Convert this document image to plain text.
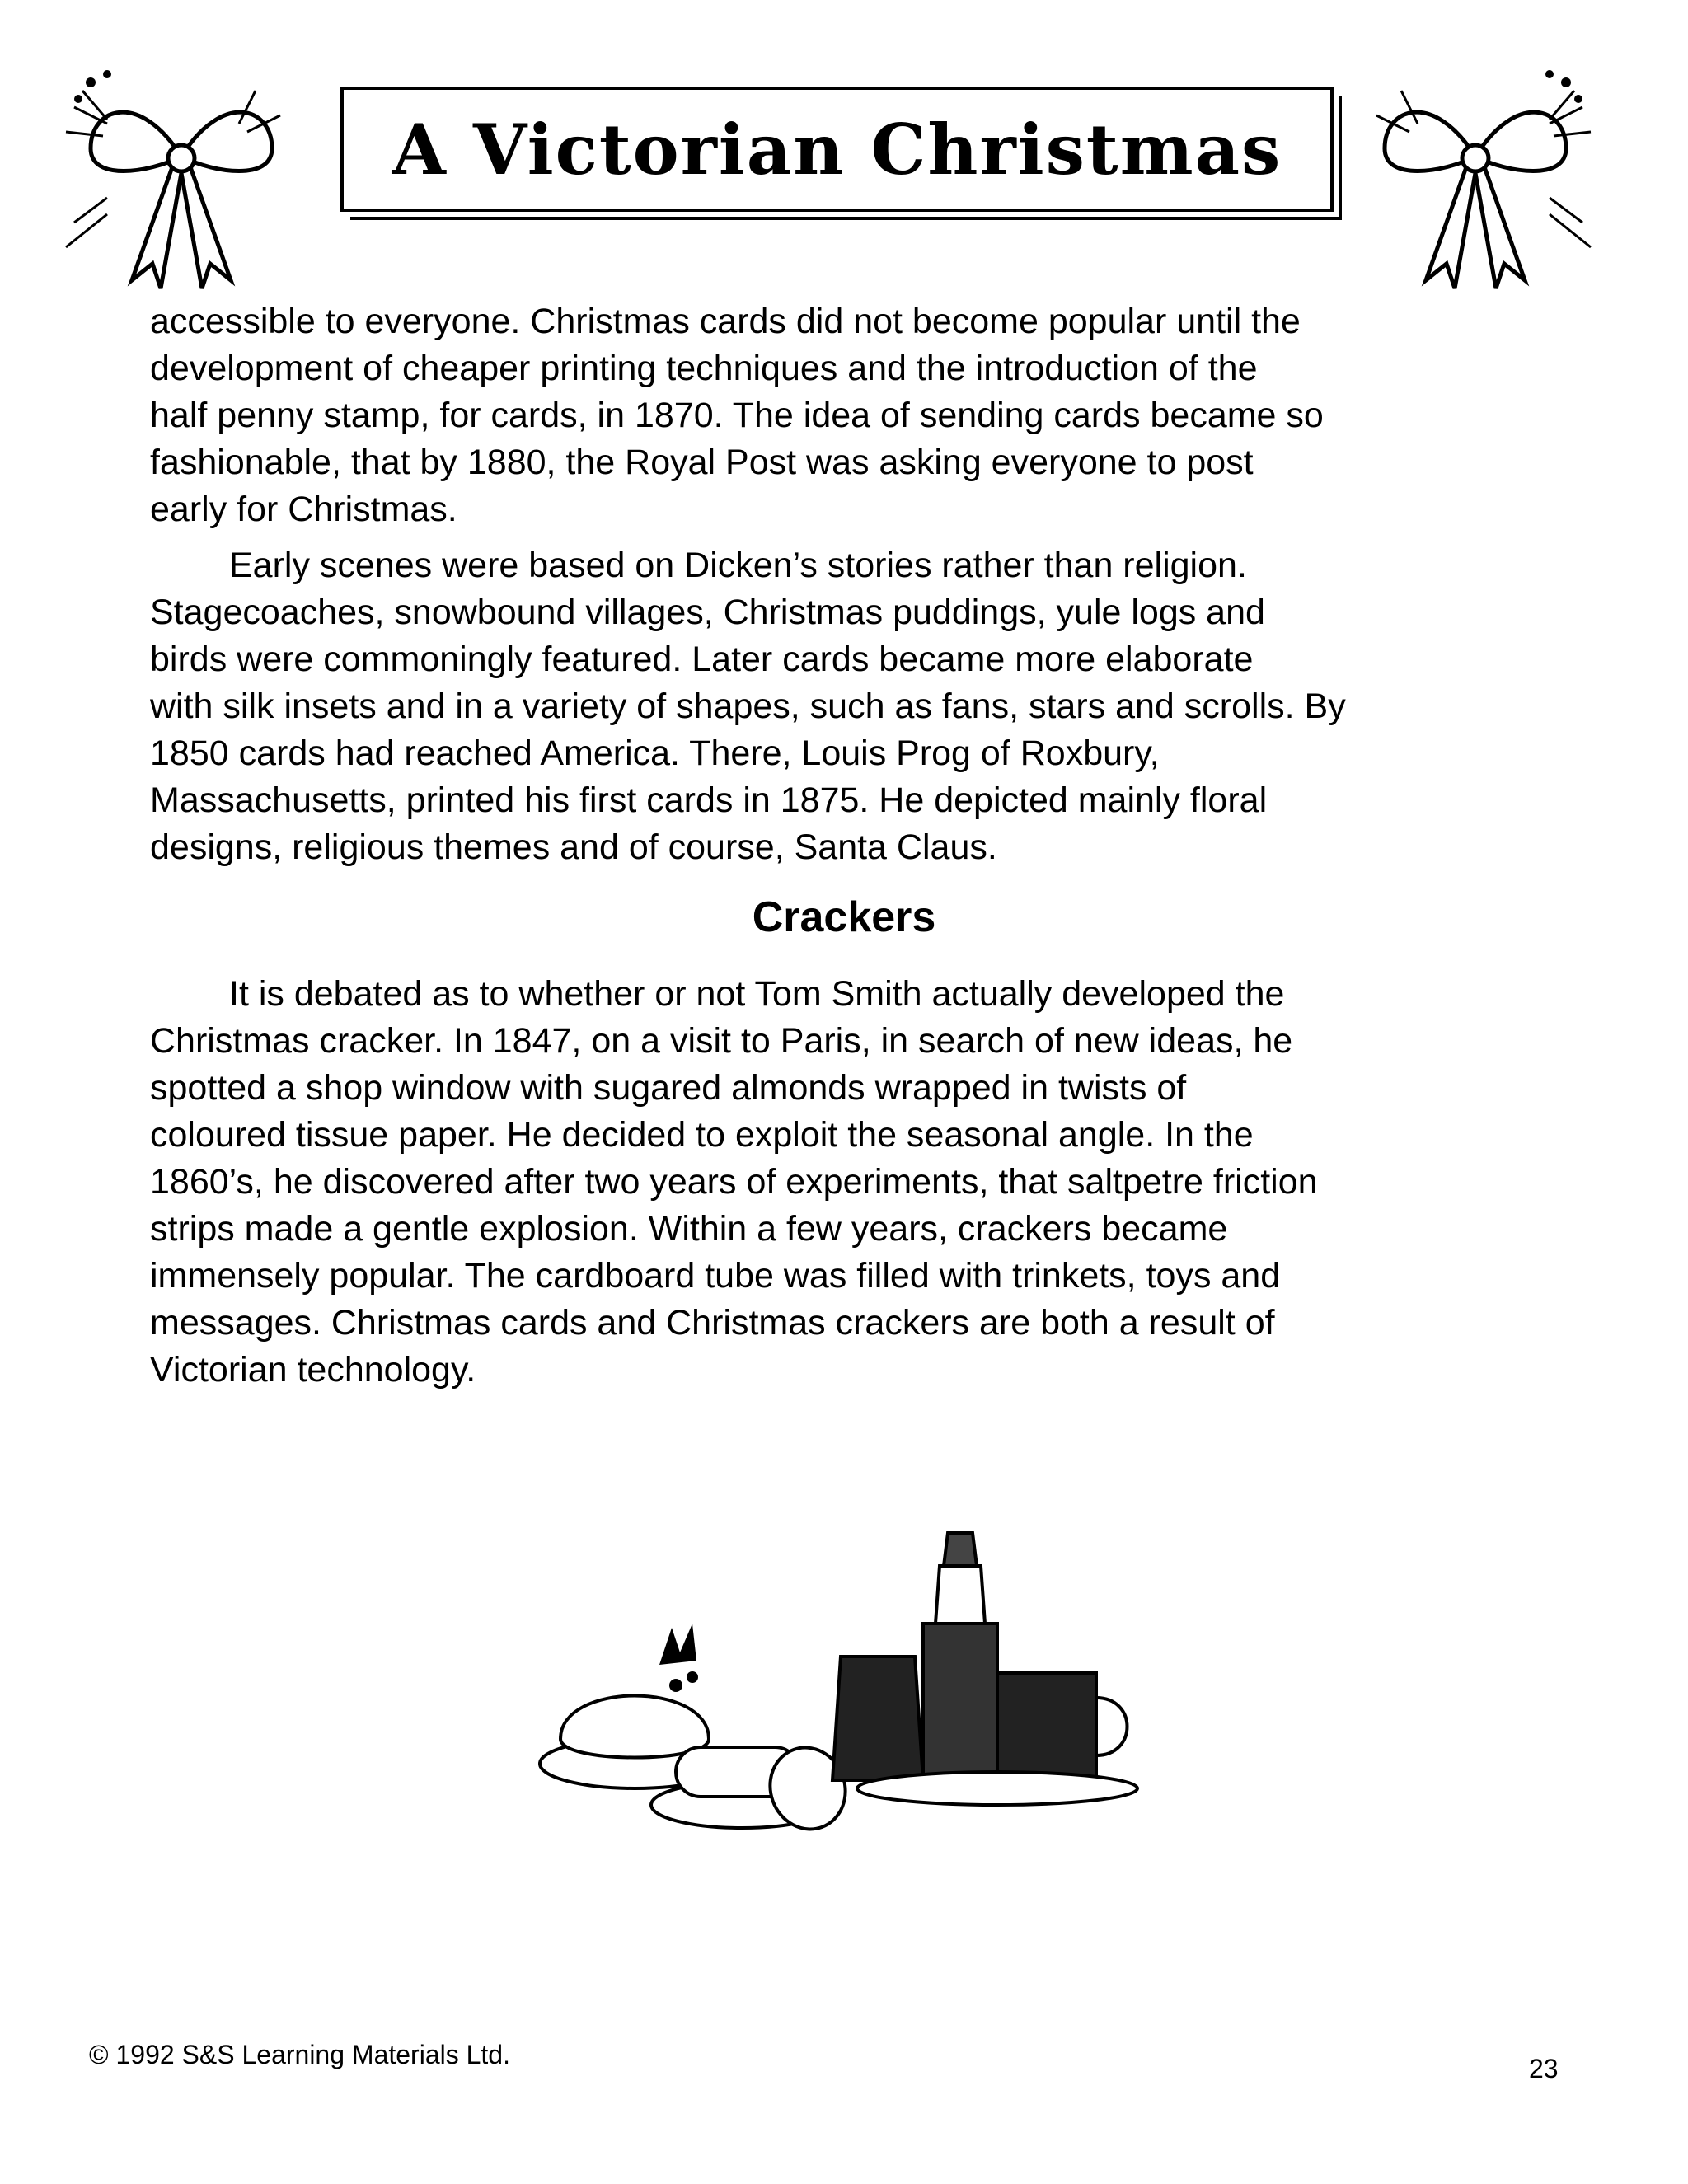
A Victorian Christmas
accessible to everyone. Christmas cards did not become popular until the
development of cheaper printing techniques and the introduction of the
half penny stamp, for cards, in 1870. The idea of sending cards became so
fashionable, that by 1880, the Royal Post was asking everyone to post
early for Christmas.
Early scenes were based on Dicken’s stories rather than religion.
Stagecoaches, snowbound villages, Christmas puddings, yule logs and
birds were commoningly featured. Later cards became more elaborate
with silk insets and in a variety of shapes, such as fans, stars and scrolls. By
1850 cards had reached America. There, Louis Prog of Roxbury,
Massachusetts, printed his first cards in 1875. He depicted mainly floral
designs, religious themes and of course, Santa Claus.
Crackers
It is debated as to whether or not Tom Smith actually developed the
Christmas cracker. In 1847, on a visit to Paris, in search of new ideas, he
spotted a shop window with sugared almonds wrapped in twists of
coloured tissue paper. He decided to exploit the seasonal angle. In the
1860’s, he discovered after two years of experiments, that saltpetre friction
strips made a gentle explosion. Within a few years, crackers became
immensely popular. The cardboard tube was filled with trinkets, toys and
messages. Christmas cards and Christmas crackers are both a result of
Victorian technology.
© 1992 S&S Learning Materials Ltd.	23
